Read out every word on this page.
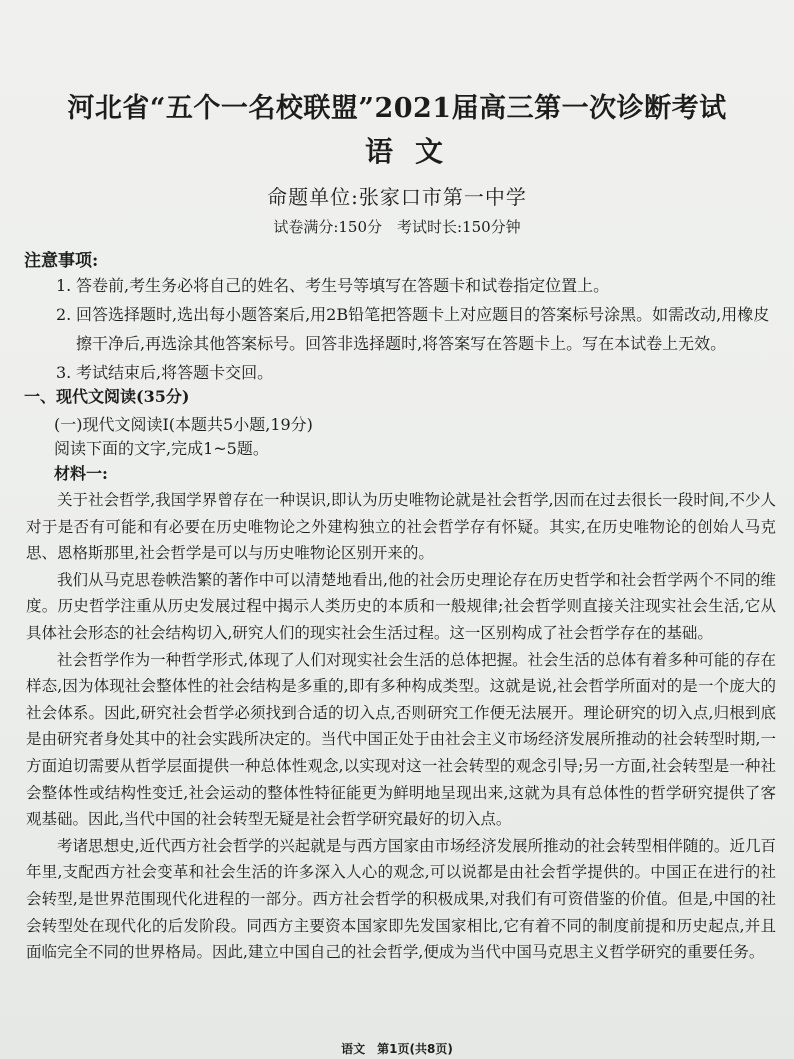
河北省“五个一名校联盟”2021届高三第一次诊断考试
语文
命题单位:张家口市第一中学
试卷满分:150分　考试时长:150分钟
注意事项:
1. 答卷前,考生务必将自己的姓名、考生号等填写在答题卡和试卷指定位置上。
2. 回答选择题时,选出每小题答案后,用2B铅笔把答题卡上对应题目的答案标号涂黑。如需改动,用橡皮擦干净后,再选涂其他答案标号。回答非选择题时,将答案写在答题卡上。写在本试卷上无效。
3. 考试结束后,将答题卡交回。
一、现代文阅读(35分)
(一)现代文阅读Ⅰ(本题共5小题,19分)
阅读下面的文字,完成1~5题。
材料一:

关于社会哲学,我国学界曾存在一种误识,即认为历史唯物论就是社会哲学,因而在过去很长一段时间,不少人对于是否有可能和有必要在历史唯物论之外建构独立的社会哲学存有怀疑。其实,在历史唯物论的创始人马克思、恩格斯那里,社会哲学是可以与历史唯物论区别开来的。

我们从马克思卷帙浩繁的著作中可以清楚地看出,他的社会历史理论存在历史哲学和社会哲学两个不同的维度。历史哲学注重从历史发展过程中揭示人类历史的本质和一般规律;社会哲学则直接关注现实社会生活,它从具体社会形态的社会结构切入,研究人们的现实社会生活过程。这一区别构成了社会哲学存在的基础。

社会哲学作为一种哲学形式,体现了人们对现实社会生活的总体把握。社会生活的总体有着多种可能的存在样态,因为体现社会整体性的社会结构是多重的,即有多种构成类型。这就是说,社会哲学所面对的是一个庞大的社会体系。因此,研究社会哲学必须找到合适的切入点,否则研究工作便无法展开。理论研究的切入点,归根到底是由研究者身处其中的社会实践所决定的。当代中国正处于由社会主义市场经济发展所推动的社会转型时期,一方面迫切需要从哲学层面提供一种总体性观念,以实现对这一社会转型的观念引导;另一方面,社会转型是一种社会整体性或结构性变迁,社会运动的整体性特征能更为鲜明地呈现出来,这就为具有总体性的哲学研究提供了客观基础。因此,当代中国的社会转型无疑是社会哲学研究最好的切入点。

考诸思想史,近代西方社会哲学的兴起就是与西方国家由市场经济发展所推动的社会转型相伴随的。近几百年里,支配西方社会变革和社会生活的许多深入人心的观念,可以说都是由社会哲学提供的。中国正在进行的社会转型,是世界范围现代化进程的一部分。西方社会哲学的积极成果,对我们有可资借鉴的价值。但是,中国的社会转型处在现代化的后发阶段。同西方主要资本国家即先发国家相比,它有着不同的制度前提和历史起点,并且面临完全不同的世界格局。因此,建立中国自己的社会哲学,便成为当代中国马克思主义哲学研究的重要任务。

语文　第1页(共8页)
